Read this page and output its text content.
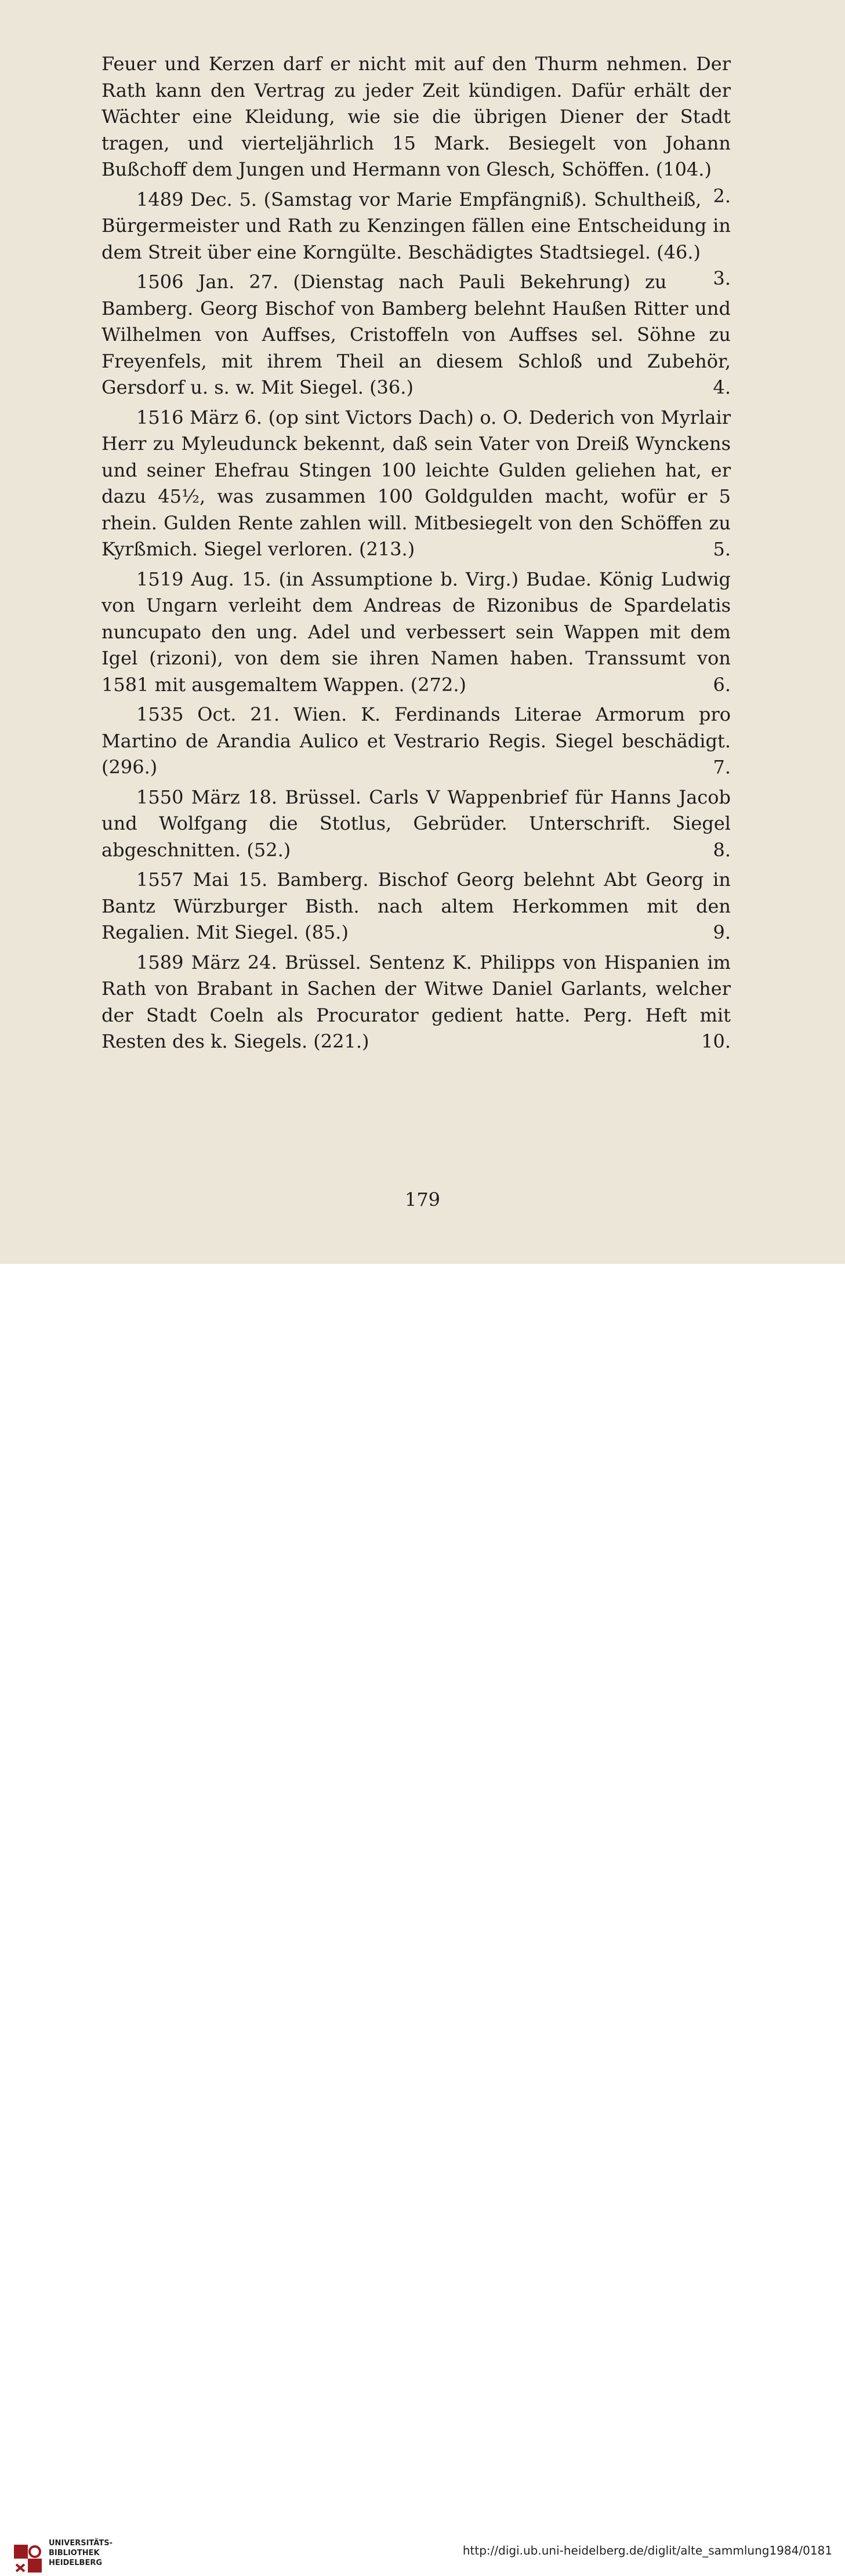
Feuer und Kerzen darf er nicht mit auf den Thurm nehmen. Der Rath kann den Vertrag zu jeder Zeit kündigen. Dafür erhält der Wächter eine Kleidung, wie sie die übrigen Diener der Stadt tragen, und vierteljährlich 15 Mark. Besiegelt von Johann Bußchoff dem Jungen und Hermann von Glesch, Schöffen. (104.)
2.

1489 Dec. 5. (Samstag vor Marie Empfängniß). Schultheiß, Bürgermeister und Rath zu Kenzingen fällen eine Entscheidung in dem Streit über eine Korngülte. Beschädigtes Stadtsiegel. (46.)
3.

1506 Jan. 27. (Dienstag nach Pauli Bekehrung) zu Bamberg. Georg Bischof von Bamberg belehnt Haußen Ritter und Wilhelmen von Auffses, Cristoffeln von Auffses sel. Söhne zu Freyenfels, mit ihrem Theil an diesem Schloß und Zubehör, Gersdorf u. s. w. Mit Siegel. (36.)	4.

1516 März 6. (op sint Victors Dach) o. O. Dederich von Myrlair Herr zu Myleudunck bekennt, daß sein Vater von Dreiß Wynckens und seiner Ehefrau Stingen 100 leichte Gulden geliehen hat, er dazu 45½, was zusammen 100 Goldgulden macht, wofür er 5 rhein. Gulden Rente zahlen will. Mitbesiegelt von den Schöffen zu Kyrßmich. Siegel verloren. (213.)	5.

1519 Aug. 15. (in Assumptione b. Virg.) Budae. König Ludwig von Ungarn verleiht dem Andreas de Rizonibus de Spardelatis nuncupato den ung. Adel und verbessert sein Wappen mit dem Igel (rizoni), von dem sie ihren Namen haben. Transsumt von 1581 mit ausgemaltem Wappen. (272.)	6.

1535 Oct. 21. Wien. K. Ferdinands Literae Armorum pro Martino de Arandia Aulico et Vestrario Regis. Siegel beschädigt. (296.)	7.

1550 März 18. Brüssel. Carls V Wappenbrief für Hanns Jacob und Wolfgang die Stotlus, Gebrüder. Unterschrift. Siegel abgeschnitten. (52.)	8.

1557 Mai 15. Bamberg. Bischof Georg belehnt Abt Georg in Bantz Würzburger Bisth. nach altem Herkommen mit den Regalien. Mit Siegel. (85.)	9.

1589 März 24. Brüssel. Sentenz K. Philipps von Hispanien im Rath von Brabant in Sachen der Witwe Daniel Garlants, welcher der Stadt Coeln als Procurator gedient hatte. Perg. Heft mit Resten des k. Siegels. (221.)	10.

179
UNIVERSITÄTS-
BIBLIOTHEK
HEIDELBERG
http://digi.ub.uni-heidelberg.de/diglit/alte_sammlung1984/0181
